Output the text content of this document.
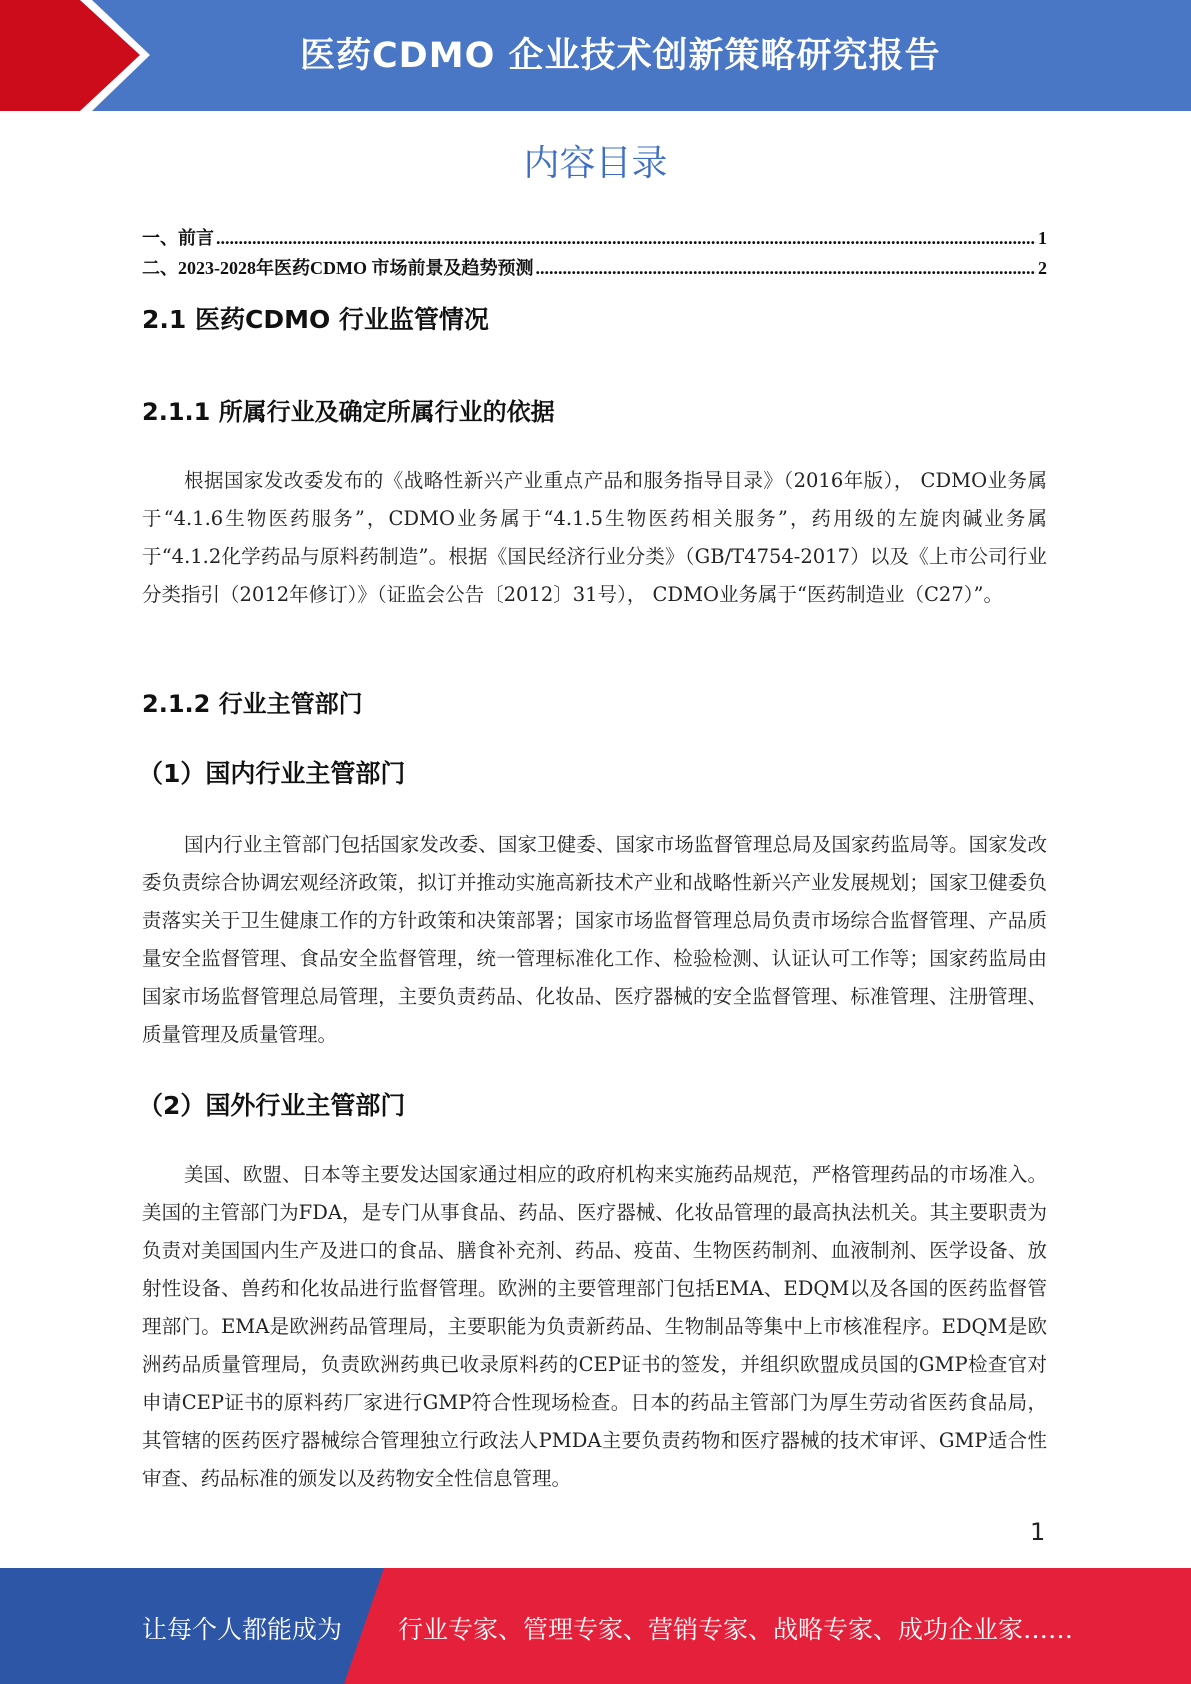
医药CDMO 企业技术创新策略研究报告
内容目录
一、前言 .....	1
二、2023-2028年医药CDMO 市场前景及趋势预测 .....	2
2.1 医药CDMO 行业监管情况
2.1.1 所属行业及确定所属行业的依据

根据国家发改委发布的《战略性新兴产业重点产品和服务指导目录》（2016年版）， CDMO业务属于“4.1.6生物医药服务”，CDMO业务属于“4.1.5生物医药相关服务”，药用级的左旋肉碱业务属于“4.1.2化学药品与原料药制造”。根据《国民经济行业分类》（GB/T4754-2017）以及《上市公司行业分类指引（2012年修订）》（证监会公告〔2012〕31号）， CDMO业务属于“医药制造业（C27）”。

2.1.2 行业主管部门
（1）国内行业主管部门

国内行业主管部门包括国家发改委、国家卫健委、国家市场监督管理总局及国家药监局等。国家发改委负责综合协调宏观经济政策，拟订并推动实施高新技术产业和战略性新兴产业发展规划；国家卫健委负责落实关于卫生健康工作的方针政策和决策部署；国家市场监督管理总局负责市场综合监督管理、产品质量安全监督管理、食品安全监督管理，统一管理标准化工作、检验检测、认证认可工作等；国家药监局由国家市场监督管理总局管理，主要负责药品、化妆品、医疗器械的安全监督管理、标准管理、注册管理、质量管理及质量管理。

（2）国外行业主管部门

美国、欧盟、日本等主要发达国家通过相应的政府机构来实施药品规范，严格管理药品的市场准入。美国的主管部门为FDA，是专门从事食品、药品、医疗器械、化妆品管理的最高执法机关。其主要职责为负责对美国国内生产及进口的食品、膳食补充剂、药品、疫苗、生物医药制剂、血液制剂、医学设备、放射性设备、兽药和化妆品进行监督管理。欧洲的主要管理部门包括EMA、EDQM以及各国的医药监督管理部门。EMA是欧洲药品管理局，主要职能为负责新药品、生物制品等集中上市核准程序。EDQM是欧洲药品质量管理局，负责欧洲药典已收录原料药的CEP证书的签发，并组织欧盟成员国的GMP检查官对申请CEP证书的原料药厂家进行GMP符合性现场检查。日本的药品主管部门为厚生劳动省医药食品局，其管辖的医药医疗器械综合管理独立行政法人PMDA主要负责药物和医疗器械的技术审评、GMP适合性审查、药品标准的颁发以及药物安全性信息管理。

1
让每个人都能成为 行业专家、管理专家、营销专家、战略专家、成功企业家……
